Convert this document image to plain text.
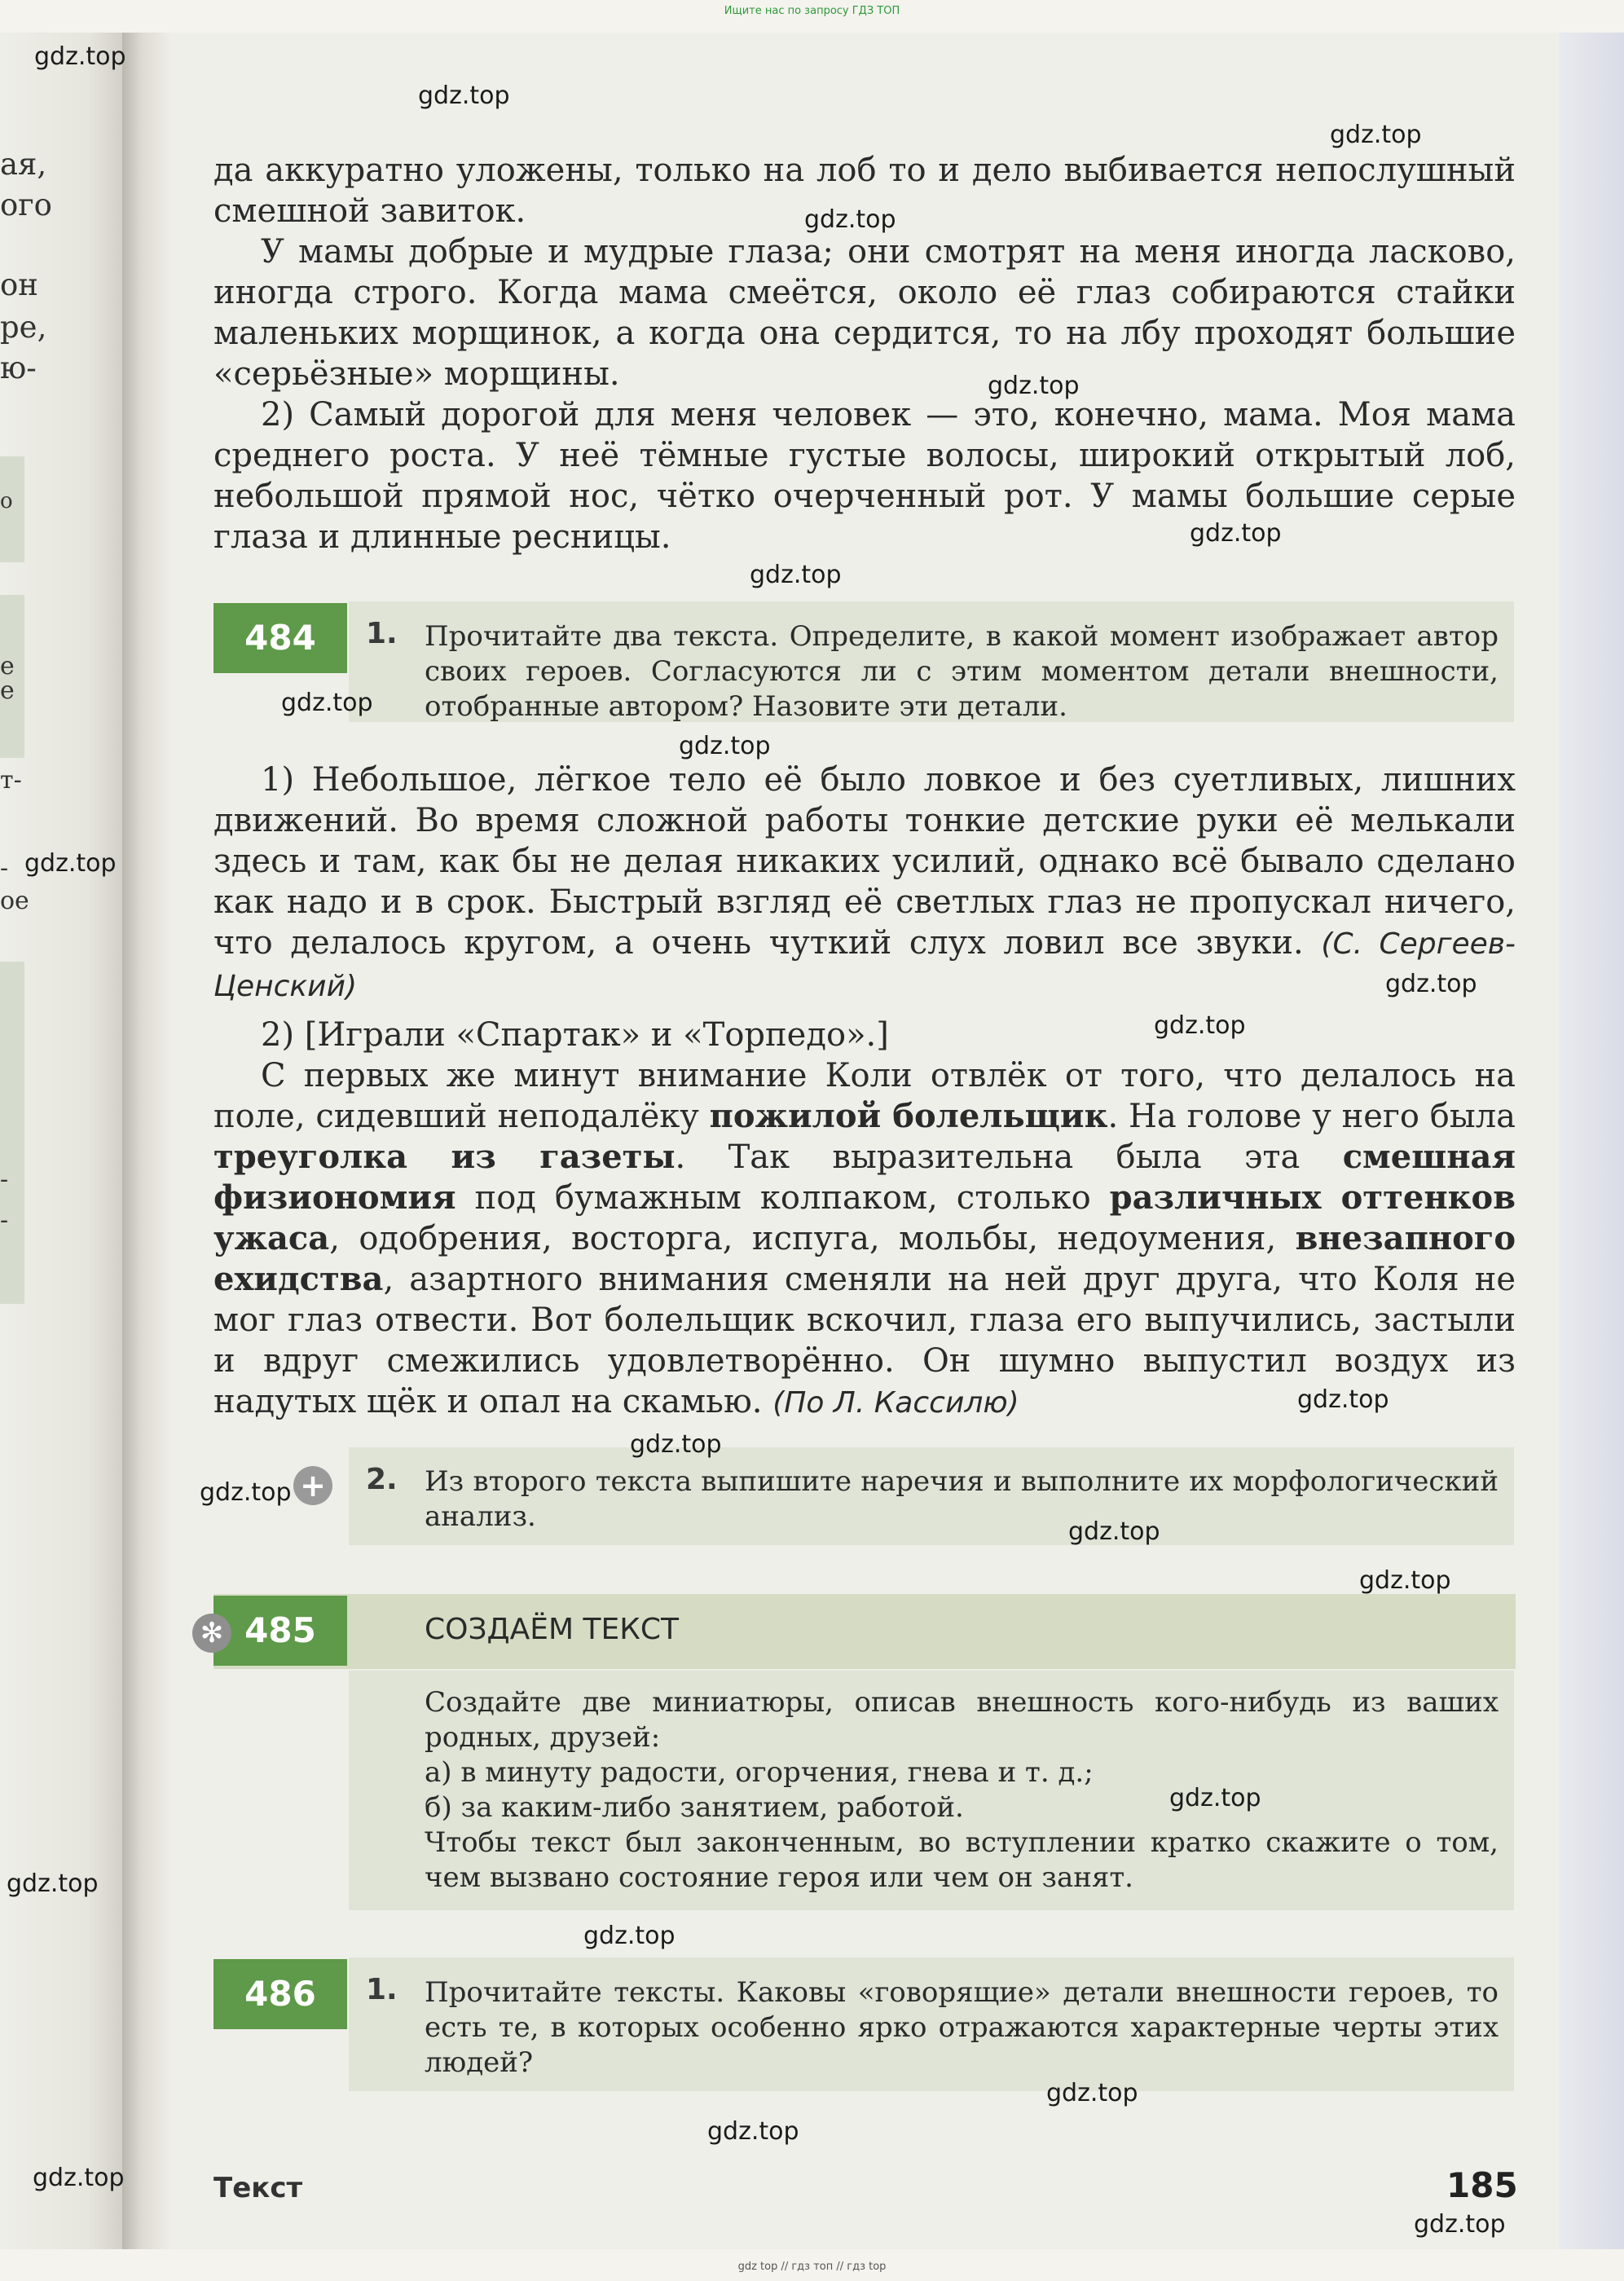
ая,
ого
он
ре,
ю-
о
е
е
т-
-
ое
-
-
Ищите нас по запросу ГДЗ ТОП
gdz top // гдз топ // гдз top

да аккуратно уложены, только на лоб то и дело выбивается непослушный смешной завиток.

У мамы добрые и мудрые глаза; они смотрят на меня иногда ласково, иногда строго. Когда мама смеётся, около её глаз собираются стайки маленьких морщинок, а когда она сердится, то на лбу проходят большие «серьёзные» морщины.

2) Самый дорогой для меня человек — это, конечно, мама. Моя мама среднего роста. У неё тёмные густые волосы, широкий открытый лоб, небольшой прямой нос, чётко очерченный рот. У мамы большие серые глаза и длинные ресницы.

484	1. Прочитайте два текста. Определите, в какой момент изображает автор своих героев. Согласуются ли с этим моментом детали внешности, отобранные автором? Назовите эти детали.

1) Небольшое, лёгкое тело её было ловкое и без суетливых, лишних движений. Во время сложной работы тонкие детские руки её мелькали здесь и там, как бы не делая никаких усилий, однако всё бывало сделано как надо и в срок. Быстрый взгляд её светлых глаз не пропускал ничего, что делалось кругом, а очень чуткий слух ловил все звуки. (С. Сергеев-Ценский)

2) [Играли «Спартак» и «Торпедо».]

С первых же минут внимание Коли отвлёк от того, что делалось на поле, сидевший неподалёку пожилой болельщик. На голове у него была треуголка из газеты. Так выразительна была эта смешная физиономия под бумажным колпаком, столько различных оттенков ужаса, одобрения, восторга, испуга, мольбы, недоумения, внезапного ехидства, азартного внимания сменяли на ней друг друга, что Коля не мог глаз отвести. Вот болельщик вскочил, глаза его выпучились, застыли и вдруг смежились удовлетворённо. Он шумно выпустил воздух из надутых щёк и опал на скамью. (По Л. Кассилю)

+ 2. Из второго текста выпишите наречия и выполните их морфологический анализ.
485
✻	СОЗДАЁМ ТЕКСТ
Создайте две миниатюры, описав внешность кого-нибудь из ваших родных, друзей:
а) в минуту радости, огорчения, гнева и т. д.;
б) за каким-либо занятием, работой.
Чтобы текст был законченным, во вступлении кратко скажите о том, чем вызвано состояние героя или чем он занят.
486	1. Прочитайте тексты. Каковы «говорящие» детали внешности героев, то есть те, в которых особенно ярко отражаются характерные черты этих людей?
Текст	185
gdz.top
gdz.top
gdz.top
gdz.top
gdz.top
gdz.top
gdz.top
gdz.top
gdz.top
gdz.top
gdz.top
gdz.top
gdz.top
gdz.top
gdz.top
gdz.top
gdz.top
gdz.top
gdz.top
gdz.top
gdz.top
gdz.top
gdz.top
gdz.top
